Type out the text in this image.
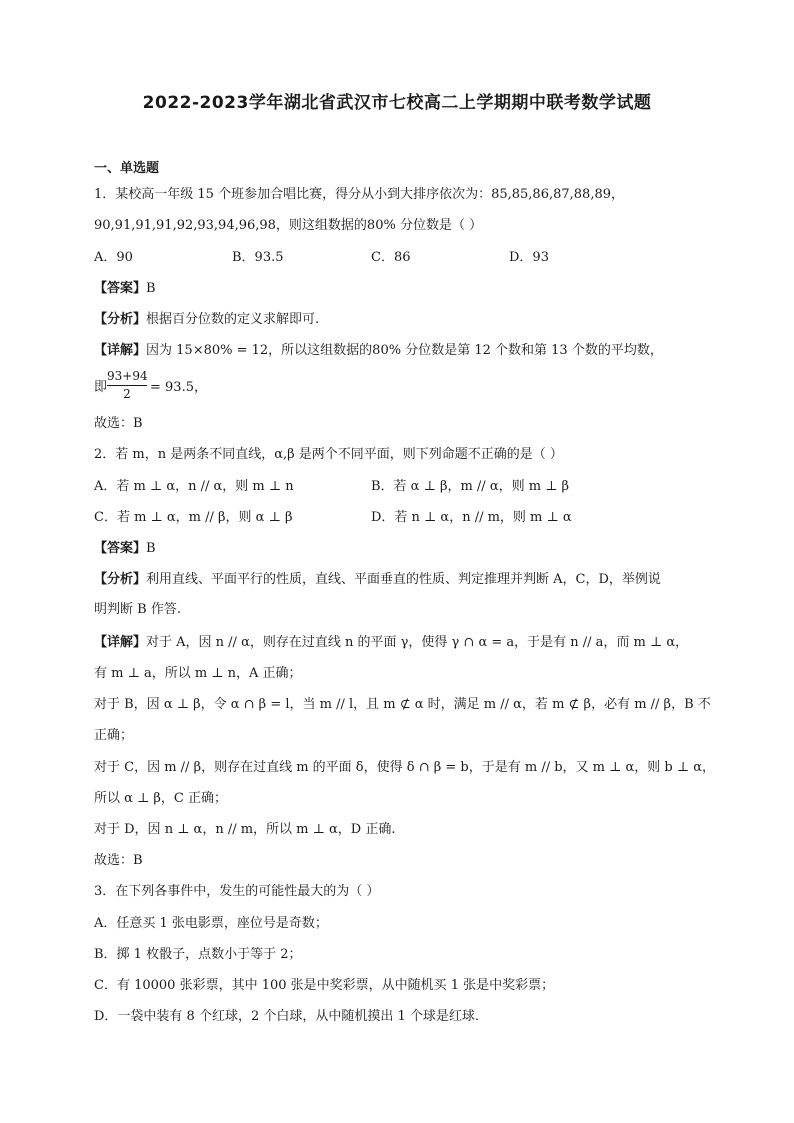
2022-2023学年湖北省武汉市七校高二上学期期中联考数学试题
一、单选题
1．某校高一年级 15 个班参加合唱比赛，得分从小到大排序依次为：85,85,86,87,88,89，
90,91,91,91,92,93,94,96,98，则这组数据的80% 分位数是（ ）
A．90	B．93.5	C．86	D．93
【答案】B
【分析】根据百分位数的定义求解即可.
【详解】因为 15×80% = 12，所以这组数据的80% 分位数是第 12 个数和第 13 个数的平均数，
即 $\frac{93+94}{2} = 93.5$，
故选：B
2．若 m，n 是两条不同直线，α,β 是两个不同平面，则下列命题不正确的是（ ）
A．若 m ⊥ α，n // α，则 m ⊥ n	B．若 α ⊥ β，m // α，则 m ⊥ β
C．若 m ⊥ α，m // β，则 α ⊥ β	D．若 n ⊥ α，n // m，则 m ⊥ α
【答案】B
【分析】利用直线、平面平行的性质，直线、平面垂直的性质、判定推理并判断 A，C，D，举例说
明判断 B 作答.
【详解】对于 A，因 n // α，则存在过直线 n 的平面 γ，使得 γ ∩ α = a，于是有 n // a，而 m ⊥ α，
有 m ⊥ a，所以 m ⊥ n，A 正确；
对于 B，因 α ⊥ β，令 α ∩ β = l，当 m // l，且 m ⊄ α 时，满足 m // α，若 m ⊄ β，必有 m // β，B 不
正确；
对于 C，因 m // β，则存在过直线 m 的平面 δ，使得 δ ∩ β = b，于是有 m // b，又 m ⊥ α，则 b ⊥ α，
所以 α ⊥ β，C 正确；
对于 D，因 n ⊥ α，n // m，所以 m ⊥ α，D 正确.
故选：B
3．在下列各事件中，发生的可能性最大的为（ ）
A．任意买 1 张电影票，座位号是奇数；
B．掷 1 枚骰子，点数小于等于 2；
C．有 10000 张彩票，其中 100 张是中奖彩票，从中随机买 1 张是中奖彩票；
D．一袋中装有 8 个红球，2 个白球，从中随机摸出 1 个球是红球．
